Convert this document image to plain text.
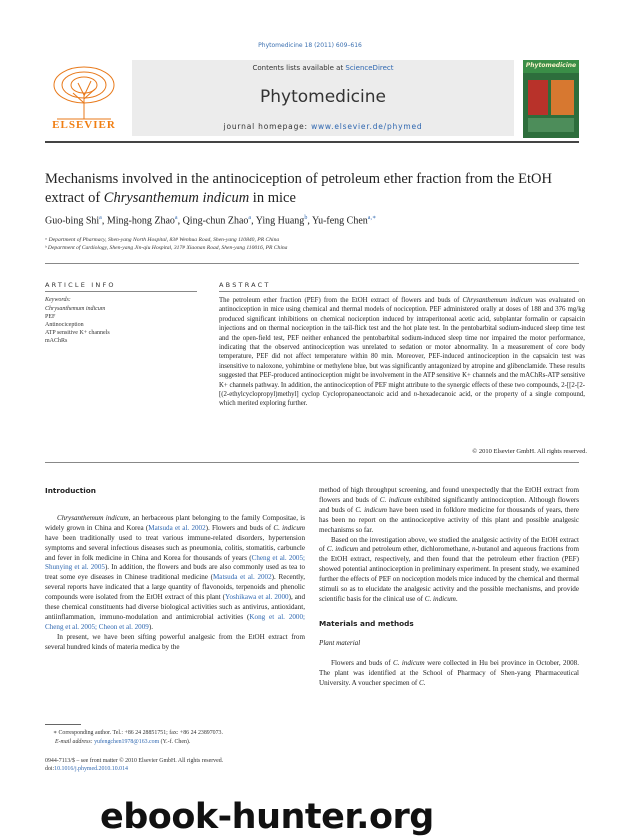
Phytomedicine 18 (2011) 609–616
ELSEVIER
Contents lists available at ScienceDirect
Phytomedicine
journal homepage: www.elsevier.de/phymed
Phytomedicine
Mechanisms involved in the antinociception of petroleum ether fraction from the EtOH extract of Chrysanthemum indicum in mice
Guo-bing Shi$^a$, Ming-hong Zhao$^a$, Qing-chun Zhao$^a$, Ying Huang$^b$, Yu-feng Chen$^{a,∗}$
ᵃ Department of Pharmacy, Shen-yang North Hospital, 83# Wenhua Road, Shen-yang 110840, PR China
ᵇ Department of Cardiology, Shen-yang Jin-qiu Hospital, 317# Xiaonan Road, Shen-yang 110016, PR China
ARTICLE INFO
Keywords:
Chrysanthemum indicum
PEF
Antinociception
ATP sensitive K+ channels
mAChRs
ABSTRACT
The petroleum ether fraction (PEF) from the EtOH extract of flowers and buds of Chrysanthemum indicum was evaluated on antinociception in mice using chemical and thermal models of nociception. PEF administered orally at doses of 188 and 376 mg/kg produced significant inhibitions on chemical nociception induced by intraperitoneal acetic acid, subplantar formalin or capsaicin injections and on thermal nociception in the tail-flick test and the hot plate test. In the pentobarbital sodium-induced sleep time test and the open-field test, PEF neither enhanced the pentobarbital sodium-induced sleep time nor impaired the motor performance, indicating that the observed antinociception was unrelated to sedation or motor abnormality. In a measurement of core body temperature, PEF did not affect temperature within 80 min. Moreover, PEF-induced antinociception in the capsaicin test was insensitive to naloxone, yohimbine or methylene blue, but was significantly antagonized by atropine and glibenclamide. These results suggested that PEF-produced antinociception might be involvement in the ATP sensitive K+ channels and the mAChRs-ATP sensitive K+ channels pathway. In addition, the antinociception of PEF might attribute to the synergic effects of these two compounds, 2-[[2-[2-[(2-ethylcyclopropyl)methyl] cyclop Cyclopropaneoctanoic acid and n-hexadecanoic acid, or the property of a single compound, which merited exploring further.
© 2010 Elsevier GmbH. All rights reserved.
Introduction

Chrysanthemum indicum, an herbaceous plant belonging to the family Compositae, is widely grown in China and Korea (Matsuda et al. 2002). Flowers and buds of C. indicum have been traditionally used to treat various immune-related disorders, hypertension symptoms and several infectious diseases such as pneumonia, colitis, stomatitis, carbuncle and fever in folk medicine in China and Korea for thousands of years (Cheng et al. 2005; Shunying et al. 2005). In addition, the flowers and buds are also commonly used as tea to treat some eye diseases in Chinese traditional medicine (Matsuda et al. 2002). Recently, several reports have indicated that a large quantity of flavonoids, terpenoids and phenolic compounds were isolated from the EtOH extract of this plant (Yoshikawa et al. 2000), and these chemical constituents had diverse biological activities such as antivirus, antioxidant, antiinflammation, immuno-modulation and antimicrobial activities (Kong et al. 2000; Cheng et al. 2005; Cheon et al. 2009).

In present, we have been sifting powerful analgesic from the EtOH extract from several hundred kinds of materia medica by the

method of high throughput screening, and found unexpectedly that the EtOH extract from flowers and buds of C. indicum exhibited significantly antinociception. Although flowers and buds of C. indicum have been used in folklore medicine for thousands of years, there has been no report on the antinociceptive activity of this plant and possible analgesic mechanisms so far.

Based on the investigation above, we studied the analgesic activity of the EtOH extract of C. indicum and petroleum ether, dichloromethane, n-butanol and aqueous fractions from the EtOH extract, respectively, and then found that the petroleum ether fraction (PEF) showed potential antinociception in preliminary experiment. In present study, we examined further the effects of PEF on nociception models mice induced by the chemical and thermal stimuli so as to elucidate the analgesic activity and the possible mechanisms, and provide scientific basis for the clinical use of C. indicum.

Materials and methods
Plant material

Flowers and buds of C. indicum were collected in Hu bei province in October, 2008. The plant was identified at the School of Pharmacy of Shen-yang Pharmaceutical University. A voucher specimen of C.

∗ Corresponding author. Tel.: +86 24 28851751; fax: +86 24 23897073.
E-mail address: yufengchen1978@163.com (Y.-f. Chen).
0944-7113/$ – see front matter © 2010 Elsevier GmbH. All rights reserved.
doi:10.1016/j.phymed.2010.10.014
ebook-hunter.org
